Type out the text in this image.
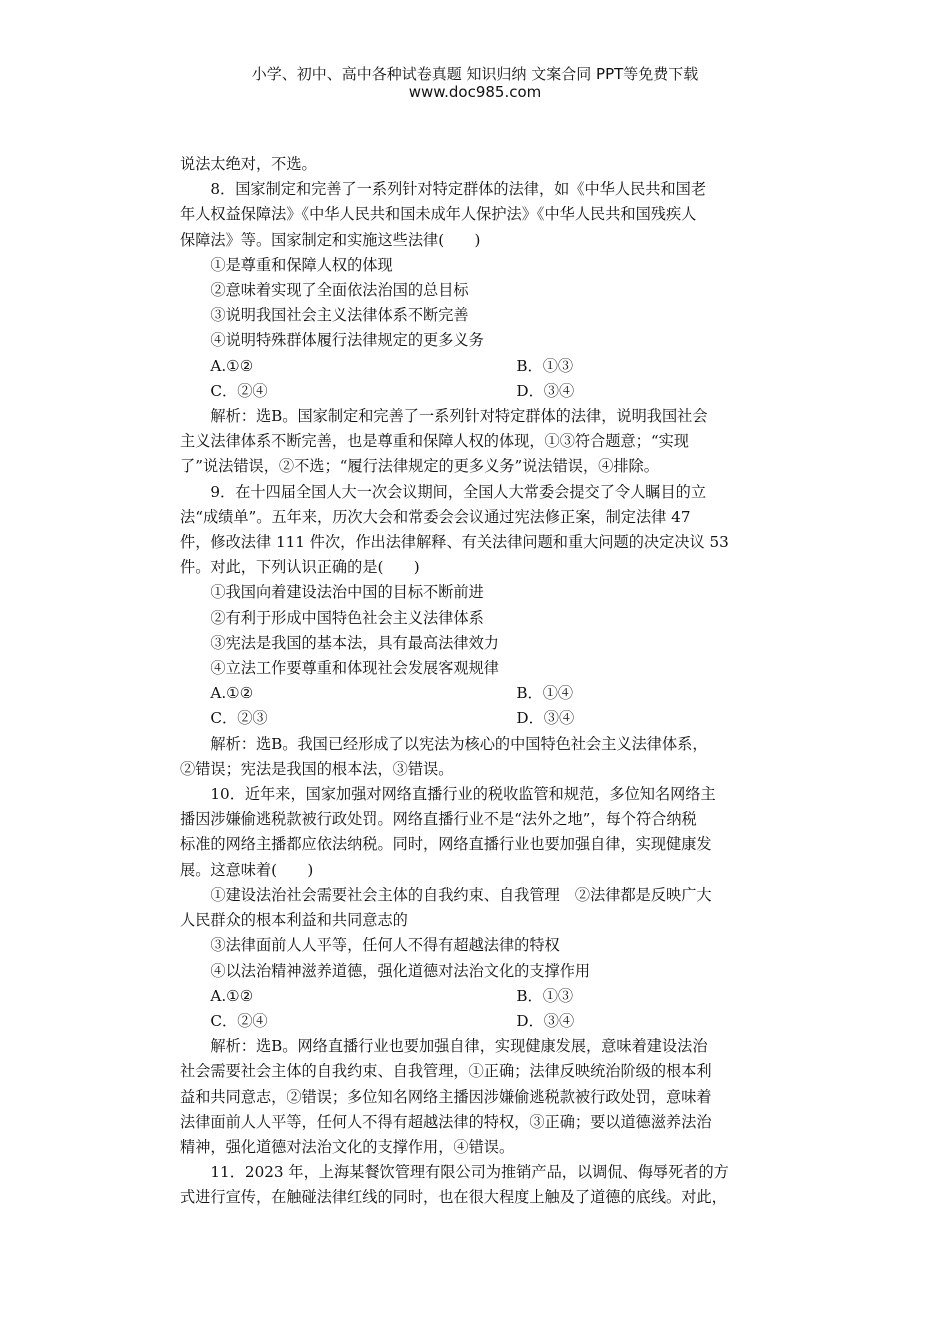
小学、初中、高中各种试卷真题 知识归纳 文案合同 PPT等免费下载
www.doc985.com

说法太绝对，不选。

8．国家制定和完善了一系列针对特定群体的法律，如《中华人民共和国老

年人权益保障法》《中华人民共和国未成年人保护法》《中华人民共和国残疾人

保障法》等。国家制定和实施这些法律(　　)

①是尊重和保障人权的体现

②意味着实现了全面依法治国的总目标

③说明我国社会主义法律体系不断完善

④说明特殊群体履行法律规定的更多义务

A.①②	B．①③
C．②④	D．③④

解析：选B。国家制定和完善了一系列针对特定群体的法律，说明我国社会

主义法律体系不断完善，也是尊重和保障人权的体现，①③符合题意；“实现

了”说法错误，②不选；“履行法律规定的更多义务”说法错误，④排除。

9．在十四届全国人大一次会议期间，全国人大常委会提交了令人瞩目的立

法“成绩单”。五年来，历次大会和常委会会议通过宪法修正案，制定法律 47

件，修改法律 111 件次，作出法律解释、有关法律问题和重大问题的决定决议 53

件。对此，下列认识正确的是(　　)

①我国向着建设法治中国的目标不断前进

②有利于形成中国特色社会主义法律体系

③宪法是我国的基本法，具有最高法律效力

④立法工作要尊重和体现社会发展客观规律

A.①②	B．①④
C．②③	D．③④

解析：选B。我国已经形成了以宪法为核心的中国特色社会主义法律体系，

②错误；宪法是我国的根本法，③错误。

10．近年来，国家加强对网络直播行业的税收监管和规范，多位知名网络主

播因涉嫌偷逃税款被行政处罚。网络直播行业不是“法外之地”，每个符合纳税

标准的网络主播都应依法纳税。同时，网络直播行业也要加强自律，实现健康发

展。这意味着(　　)

①建设法治社会需要社会主体的自我约束、自我管理　②法律都是反映广大

人民群众的根本利益和共同意志的

③法律面前人人平等，任何人不得有超越法律的特权

④以法治精神滋养道德，强化道德对法治文化的支撑作用

A.①②	B．①③
C．②④	D．③④

解析：选B。网络直播行业也要加强自律，实现健康发展，意味着建设法治

社会需要社会主体的自我约束、自我管理，①正确；法律反映统治阶级的根本利

益和共同意志，②错误；多位知名网络主播因涉嫌偷逃税款被行政处罚，意味着

法律面前人人平等，任何人不得有超越法律的特权，③正确；要以道德滋养法治

精神，强化道德对法治文化的支撑作用，④错误。

11．2023 年，上海某餐饮管理有限公司为推销产品，以调侃、侮辱死者的方

式进行宣传，在触碰法律红线的同时，也在很大程度上触及了道德的底线。对此，
